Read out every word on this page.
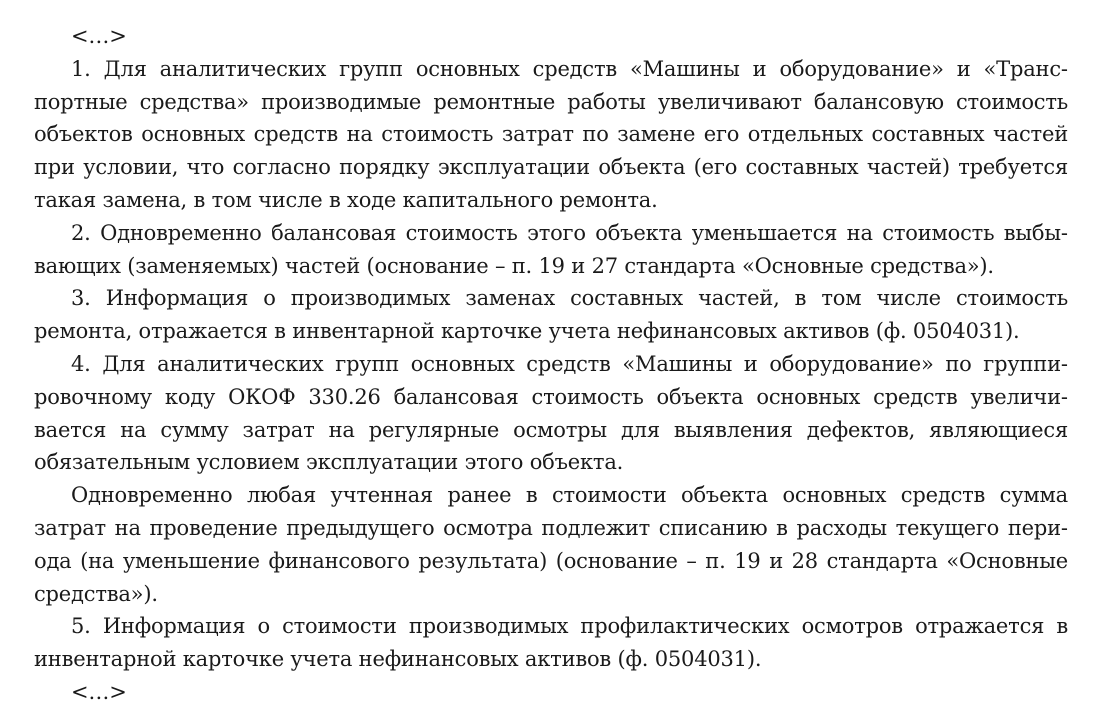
<…>

1. Для аналитических групп основных средств «Машины и оборудование» и «Транспортные средства» производимые ремонтные работы увеличивают балансовую стоимость объектов основных средств на стоимость затрат по замене его отдельных составных частей при условии, что согласно порядку эксплуатации объекта (его составных частей) требуется такая замена, в том числе в ходе капитального ремонта.

2. Одновременно балансовая стоимость этого объекта уменьшается на стоимость выбывающих (заменяемых) частей (основание – п. 19 и 27 стандарта «Основные средства»).

3. Информация о производимых заменах составных частей, в том числе стоимость ремонта, отражается в инвентарной карточке учета нефинансовых активов (ф. 0504031).

4. Для аналитических групп основных средств «Машины и оборудование» по группировочному коду ОКОФ 330.26 балансовая стоимость объекта основных средств увеличивается на сумму затрат на регулярные осмотры для выявления дефектов, являющиеся обязательным условием эксплуатации этого объекта.

Одновременно любая учтенная ранее в стоимости объекта основных средств сумма затрат на проведение предыдущего осмотра подлежит списанию в расходы текущего периода (на уменьшение финансового результата) (основание – п. 19 и 28 стандарта «Основные средства»).

5. Информация о стоимости производимых профилактических осмотров отражается в инвентарной карточке учета нефинансовых активов (ф. 0504031).

<…>
